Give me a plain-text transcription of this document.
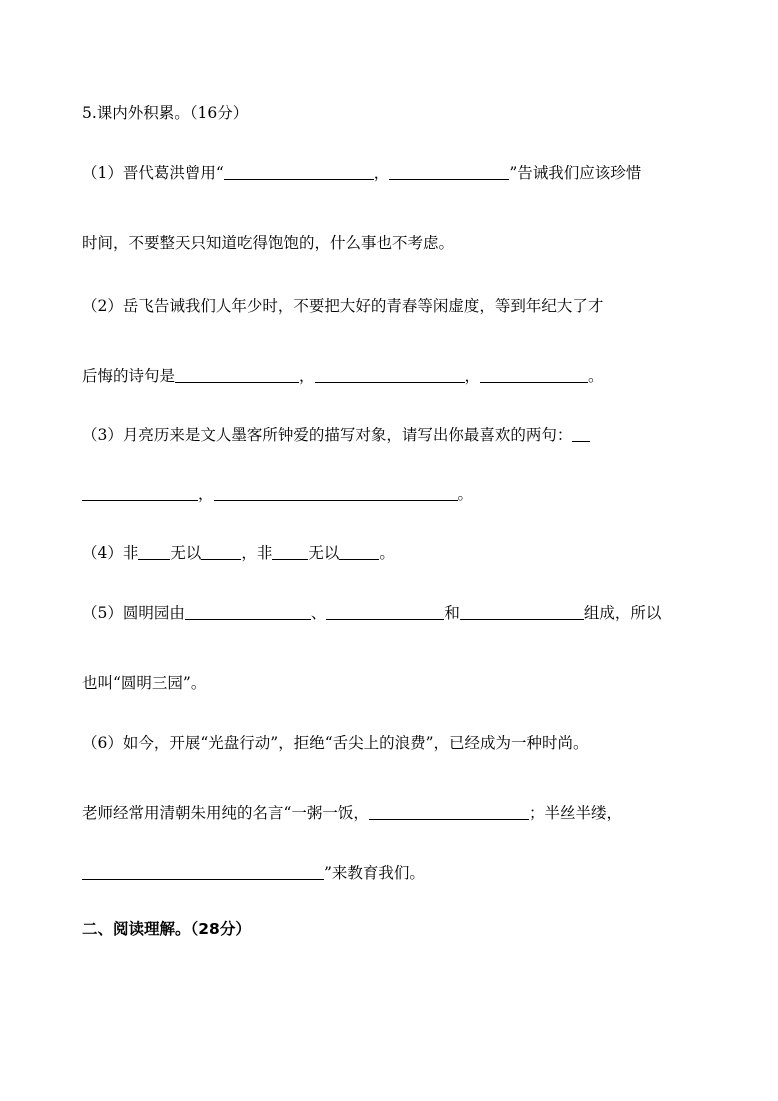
5.课内外积累。（16分）
（1）晋代葛洪曾用“	，	”告诫我们应该珍惜
时间，不要整天只知道吃得饱饱的，什么事也不考虑。
（2）岳飞告诫我们人年少时，不要把大好的青春等闲虚度，等到年纪大了才
后悔的诗句是	，	，	。
（3）月亮历来是文人墨客所钟爱的描写对象，请写出你最喜欢的两句：
，	。
（4）非 无以	，非 无以	。
（5）圆明园由	、	和	组成，所以
也叫“圆明三园”。
（6）如今，开展“光盘行动”，拒绝“舌尖上的浪费”，已经成为一种时尚。
老师经常用清朝朱用纯的名言“一粥一饭，	；半丝半缕，
”来教育我们。
二、阅读理解。（28分）
